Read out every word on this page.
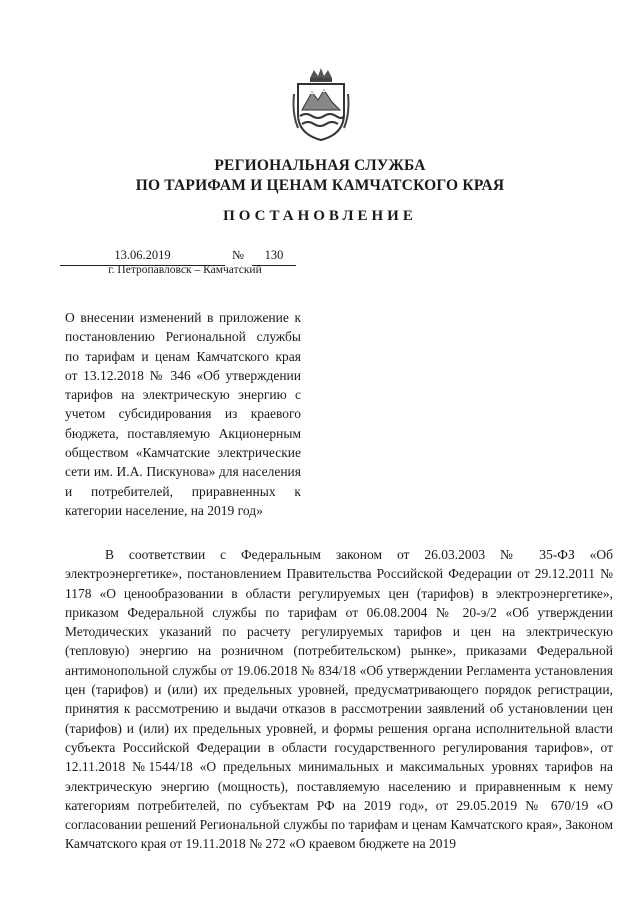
РЕГИОНАЛЬНАЯ СЛУЖБА
ПО ТАРИФАМ И ЦЕНАМ КАМЧАТСКОГО КРАЯ
ПОСТАНОВЛЕНИЕ
13.06.2019	№	130
г. Петропавловск – Камчатский

О внесении изменений в приложение к постановлению Региональной службы по тарифам и ценам Камчатского края от 13.12.2018 № 346 «Об утверждении тарифов на электрическую энергию с учетом субсидирования из краевого бюджета, поставляемую Акционерным обществом «Камчатские электрические сети им. И.А. Пискунова» для населения и потребителей, приравненных к категории население, на 2019 год»

В соответствии с Федеральным законом от 26.03.2003 № 35-ФЗ «Об электроэнергетике», постановлением Правительства Российской Федерации от 29.12.2011 № 1178 «О ценообразовании в области регулируемых цен (тарифов) в электроэнергетике», приказом Федеральной службы по тарифам от 06.08.2004 № 20-э/2 «Об утверждении Методических указаний по расчету регулируемых тарифов и цен на электрическую (тепловую) энергию на розничном (потребительском) рынке», приказами Федеральной антимонопольной службы от 19.06.2018 № 834/18 «Об утверждении Регламента установления цен (тарифов) и (или) их предельных уровней, предусматривающего порядок регистрации, принятия к рассмотрению и выдачи отказов в рассмотрении заявлений об установлении цен (тарифов) и (или) их предельных уровней, и формы решения органа исполнительной власти субъекта Российской Федерации в области государственного регулирования тарифов», от 12.11.2018 №1544/18 «О предельных минимальных и максимальных уровнях тарифов на электрическую энергию (мощность), поставляемую населению и приравненным к нему категориям потребителей, по субъектам РФ на 2019 год», от 29.05.2019 № 670/19 «О согласовании решений Региональной службы по тарифам и ценам Камчатского края», Законом Камчатского края от 19.11.2018 № 272 «О краевом бюджете на 2019
